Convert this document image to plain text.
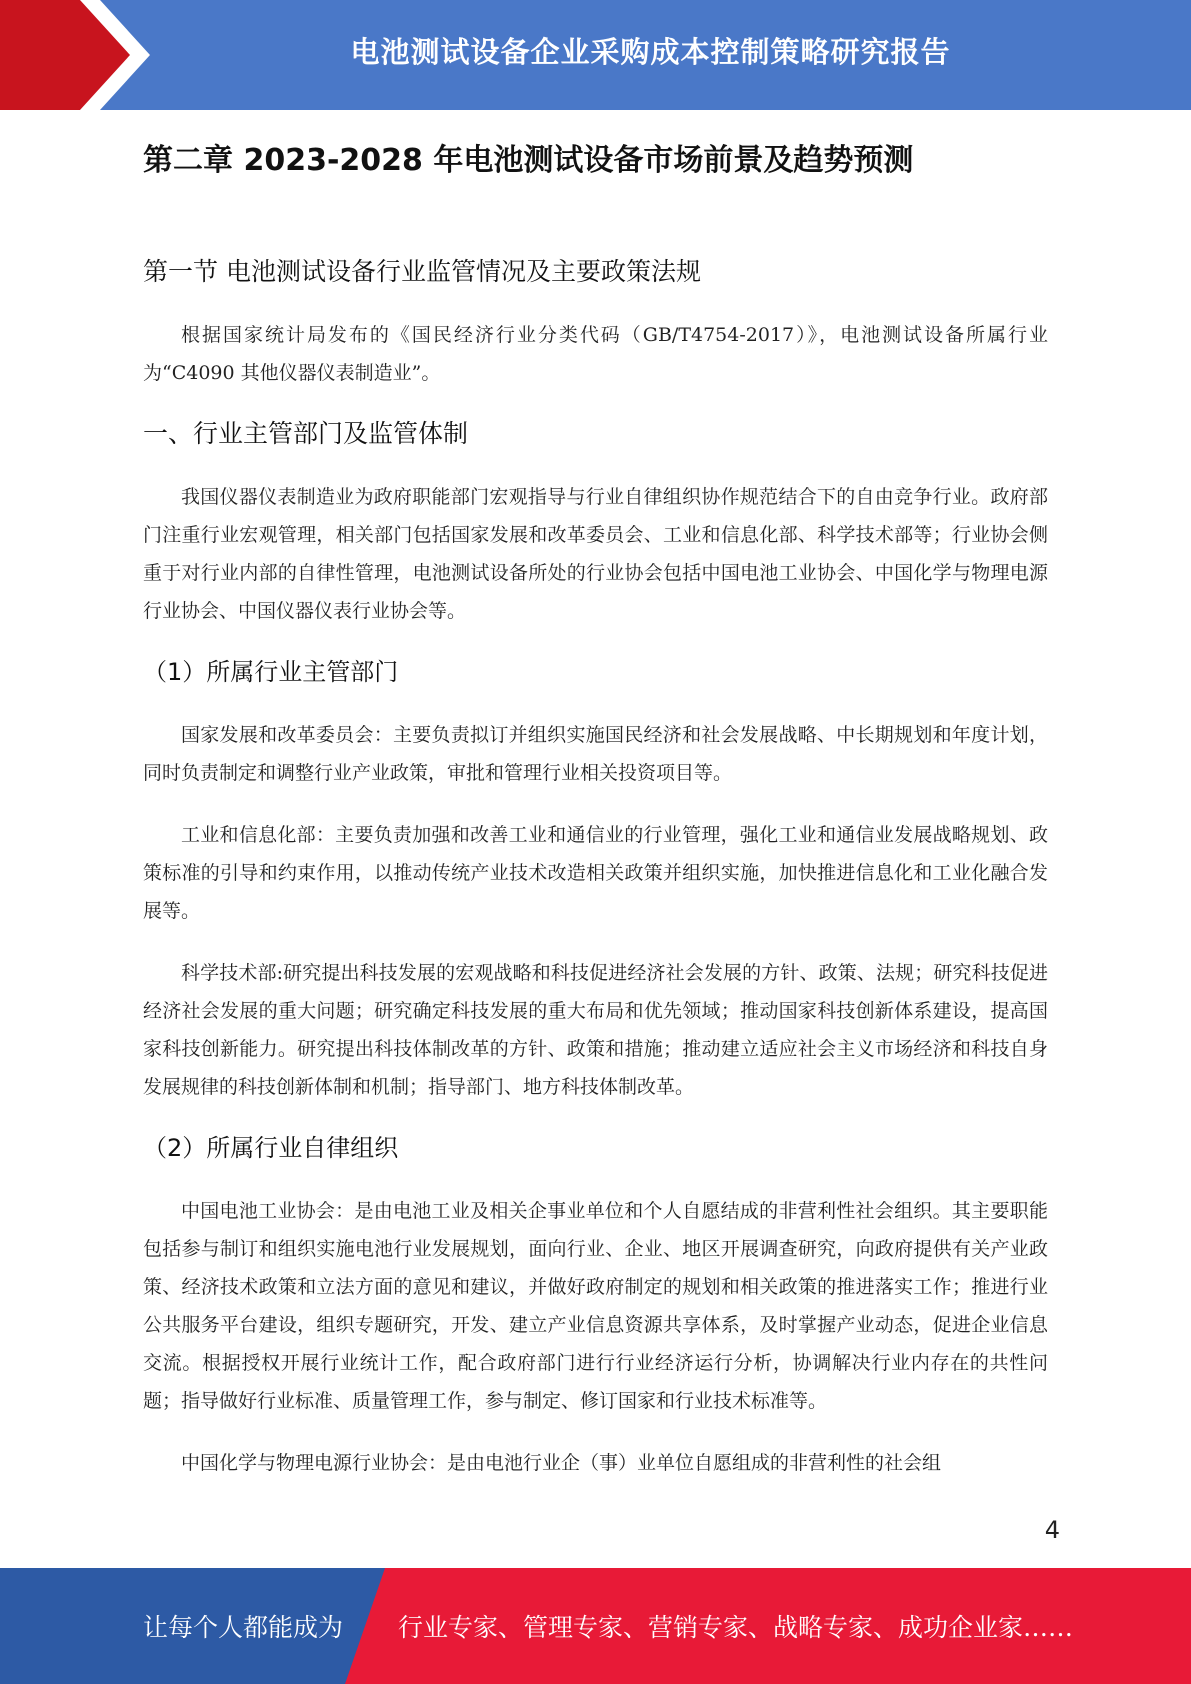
电池测试设备企业采购成本控制策略研究报告
第二章 2023-2028 年电池测试设备市场前景及趋势预测
第一节 电池测试设备行业监管情况及主要政策法规

根据国家统计局发布的《国民经济行业分类代码（GB/T4754-2017）》，电池测试设备所属行业为“C4090 其他仪器仪表制造业”。

一、行业主管部门及监管体制

我国仪器仪表制造业为政府职能部门宏观指导与行业自律组织协作规范结合下的自由竞争行业。政府部门注重行业宏观管理，相关部门包括国家发展和改革委员会、工业和信息化部、科学技术部等；行业协会侧重于对行业内部的自律性管理，电池测试设备所处的行业协会包括中国电池工业协会、中国化学与物理电源行业协会、中国仪器仪表行业协会等。

（1）所属行业主管部门

国家发展和改革委员会：主要负责拟订并组织实施国民经济和社会发展战略、中长期规划和年度计划，同时负责制定和调整行业产业政策，审批和管理行业相关投资项目等。

工业和信息化部：主要负责加强和改善工业和通信业的行业管理，强化工业和通信业发展战略规划、政策标准的引导和约束作用，以推动传统产业技术改造相关政策并组织实施，加快推进信息化和工业化融合发展等。

科学技术部:研究提出科技发展的宏观战略和科技促进经济社会发展的方针、政策、法规；研究科技促进经济社会发展的重大问题；研究确定科技发展的重大布局和优先领域；推动国家科技创新体系建设，提高国家科技创新能力。研究提出科技体制改革的方针、政策和措施；推动建立适应社会主义市场经济和科技自身发展规律的科技创新体制和机制；指导部门、地方科技体制改革。

（2）所属行业自律组织

中国电池工业协会：是由电池工业及相关企事业单位和个人自愿结成的非营利性社会组织。其主要职能包括参与制订和组织实施电池行业发展规划，面向行业、企业、地区开展调查研究，向政府提供有关产业政策、经济技术政策和立法方面的意见和建议，并做好政府制定的规划和相关政策的推进落实工作；推进行业公共服务平台建设，组织专题研究，开发、建立产业信息资源共享体系，及时掌握产业动态，促进企业信息交流。根据授权开展行业统计工作，配合政府部门进行行业经济运行分析，协调解决行业内存在的共性问题；指导做好行业标准、质量管理工作，参与制定、修订国家和行业技术标准等。

中国化学与物理电源行业协会：是由电池行业企（事）业单位自愿组成的非营利性的社会组

4
让每个人都能成为 行业专家、管理专家、营销专家、战略专家、成功企业家……
